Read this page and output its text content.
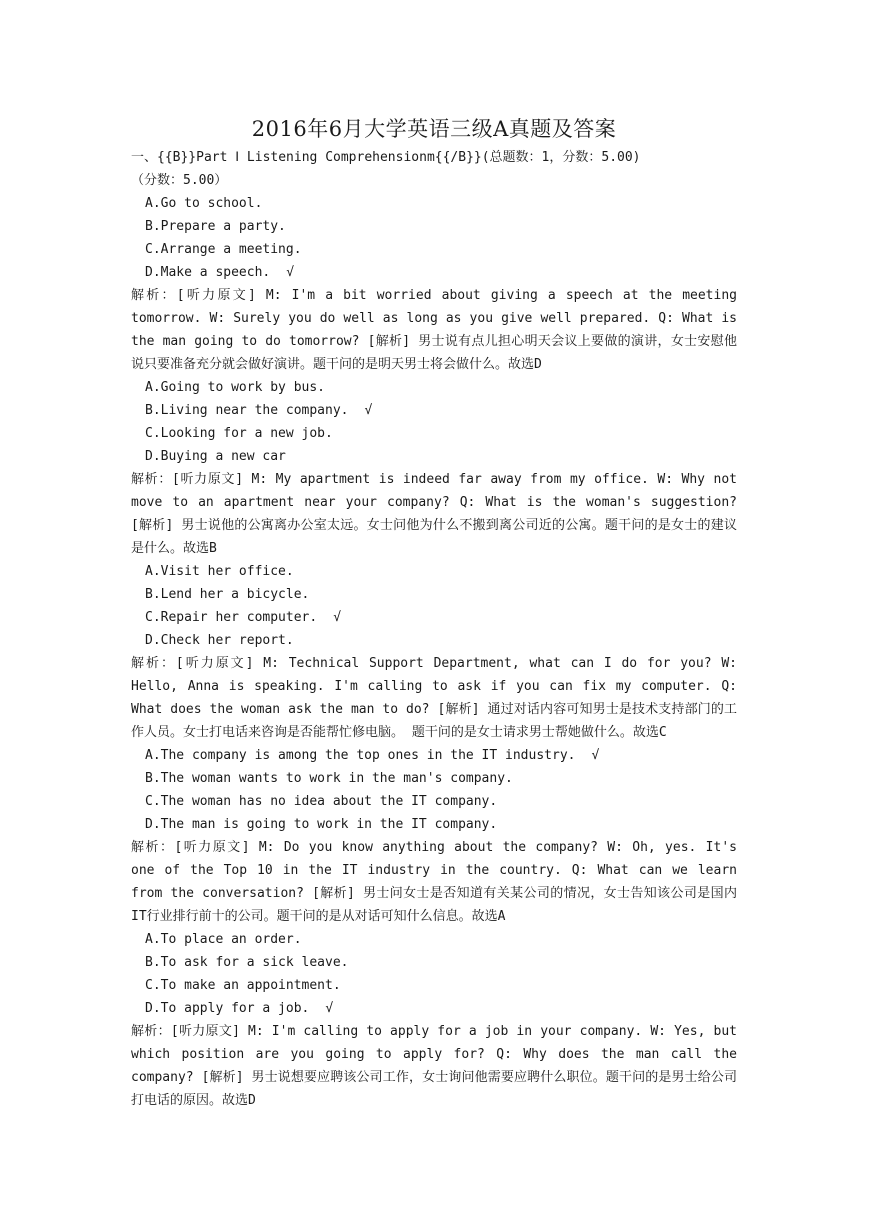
2016年6月大学英语三级A真题及答案
一、{{B}}Part Ⅰ Listening Comprehensionm{{/B}}(总题数：1，分数：5.00)
（分数：5.00）
A.Go to school.
B.Prepare a party.
C.Arrange a meeting.
D.Make a speech. √
解析：[听力原文] M: I'm a bit worried about giving a speech at the meeting tomorrow. W: Surely you do well as long as you give well prepared. Q: What is the man going to do tomorrow? [解析] 男士说有点儿担心明天会议上要做的演讲，女士安慰他说只要准备充分就会做好演讲。题干问的是明天男士将会做什么。故选D
A.Going to work by bus.
B.Living near the company. √
C.Looking for a new job.
D.Buying a new car
解析：[听力原文] M: My apartment is indeed far away from my office. W: Why not move to an apartment near your company? Q: What is the woman's suggestion? [解析] 男士说他的公寓离办公室太远。女士问他为什么不搬到离公司近的公寓。题干问的是女士的建议是什么。故选B
A.Visit her office.
B.Lend her a bicycle.
C.Repair her computer. √
D.Check her report.
解析：[听力原文] M: Technical Support Department, what can I do for you? W: Hello, Anna is speaking. I'm calling to ask if you can fix my computer. Q: What does the woman ask the man to do? [解析] 通过对话内容可知男士是技术支持部门的工作人员。女士打电话来咨询是否能帮忙修电脑。 题干问的是女士请求男士帮她做什么。故选C
A.The company is among the top ones in the IT industry. √
B.The woman wants to work in the man's company.
C.The woman has no idea about the IT company.
D.The man is going to work in the IT company.
解析：[听力原文] M: Do you know anything about the company? W: Oh, yes. It's one of the Top 10 in the IT industry in the country. Q: What can we learn from the conversation? [解析] 男士问女士是否知道有关某公司的情况，女士告知该公司是国内IT行业排行前十的公司。题干问的是从对话可知什么信息。故选A
A.To place an order.
B.To ask for a sick leave.
C.To make an appointment.
D.To apply for a job. √
解析：[听力原文] M: I'm calling to apply for a job in your company. W: Yes, but which position are you going to apply for? Q: Why does the man call the company? [解析] 男士说想要应聘该公司工作，女士询问他需要应聘什么职位。题干问的是男士给公司打电话的原因。故选D
